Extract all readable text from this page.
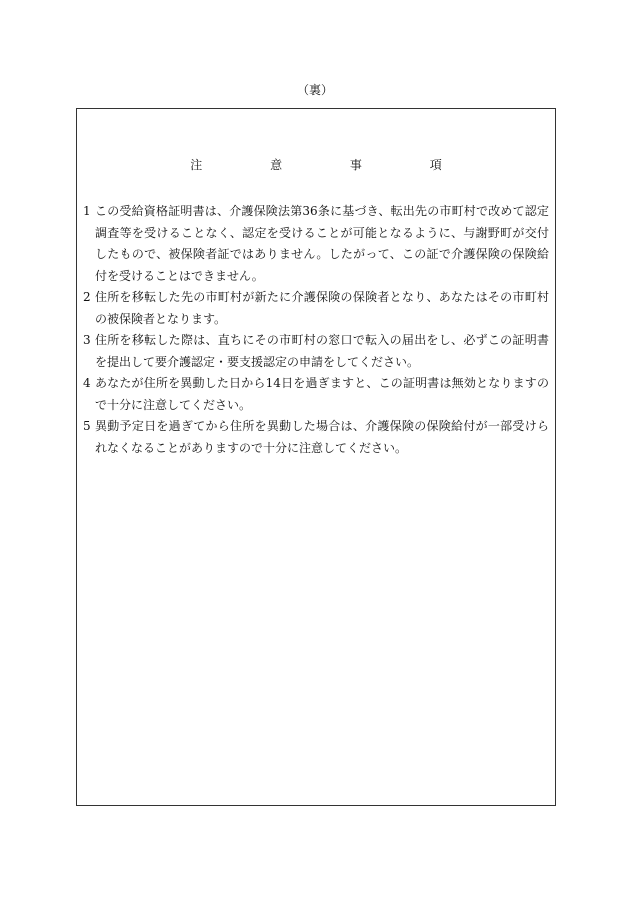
（裏）
注 意 事 項
1 この受給資格証明書は、介護保険法第36条に基づき、転出先の市町村で改めて認定調査等を受けることなく、認定を受けることが可能となるように、与謝野町が交付したもので、被保険者証ではありません。したがって、この証で介護保険の保険給付を受けることはできません。
2 住所を移転した先の市町村が新たに介護保険の保険者となり、あなたはその市町村の被保険者となります。
3 住所を移転した際は、直ちにその市町村の窓口で転入の届出をし、必ずこの証明書を提出して要介護認定・要支援認定の申請をしてください。
4 あなたが住所を異動した日から14日を過ぎますと、この証明書は無効となりますので十分に注意してください。
5 異動予定日を過ぎてから住所を異動した場合は、介護保険の保険給付が一部受けられなくなることがありますので十分に注意してください。
